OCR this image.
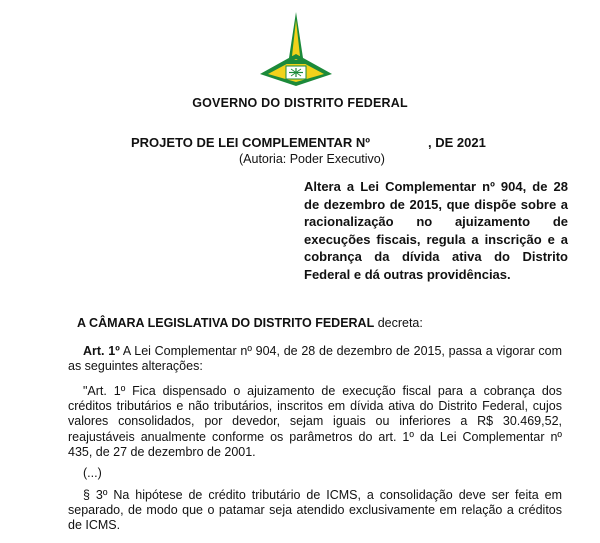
GOVERNO DO DISTRITO FEDERAL
PROJETO DE LEI COMPLEMENTAR Nº	, DE 2021
(Autoria: Poder Executivo)
Altera a Lei Complementar nº 904, de 28 de dezembro de 2015, que dispõe sobre a racionalização no ajuizamento de execuções fiscais, regula a inscrição e a cobrança da dívida ativa do Distrito Federal e dá outras providências.
A CÂMARA LEGISLATIVA DO DISTRITO FEDERAL decreta:
Art. 1º A Lei Complementar nº 904, de 28 de dezembro de 2015, passa a vigorar com as seguintes alterações:
"Art. 1º Fica dispensado o ajuizamento de execução fiscal para a cobrança dos créditos tributários e não tributários, inscritos em dívida ativa do Distrito Federal, cujos valores consolidados, por devedor, sejam iguais ou inferiores a R$ 30.469,52, reajustáveis anualmente conforme os parâmetros do art. 1º da Lei Complementar nº 435, de 27 de dezembro de 2001.
(...)
§ 3º Na hipótese de crédito tributário de ICMS, a consolidação deve ser feita em separado, de modo que o patamar seja atendido exclusivamente em relação a créditos de ICMS.
